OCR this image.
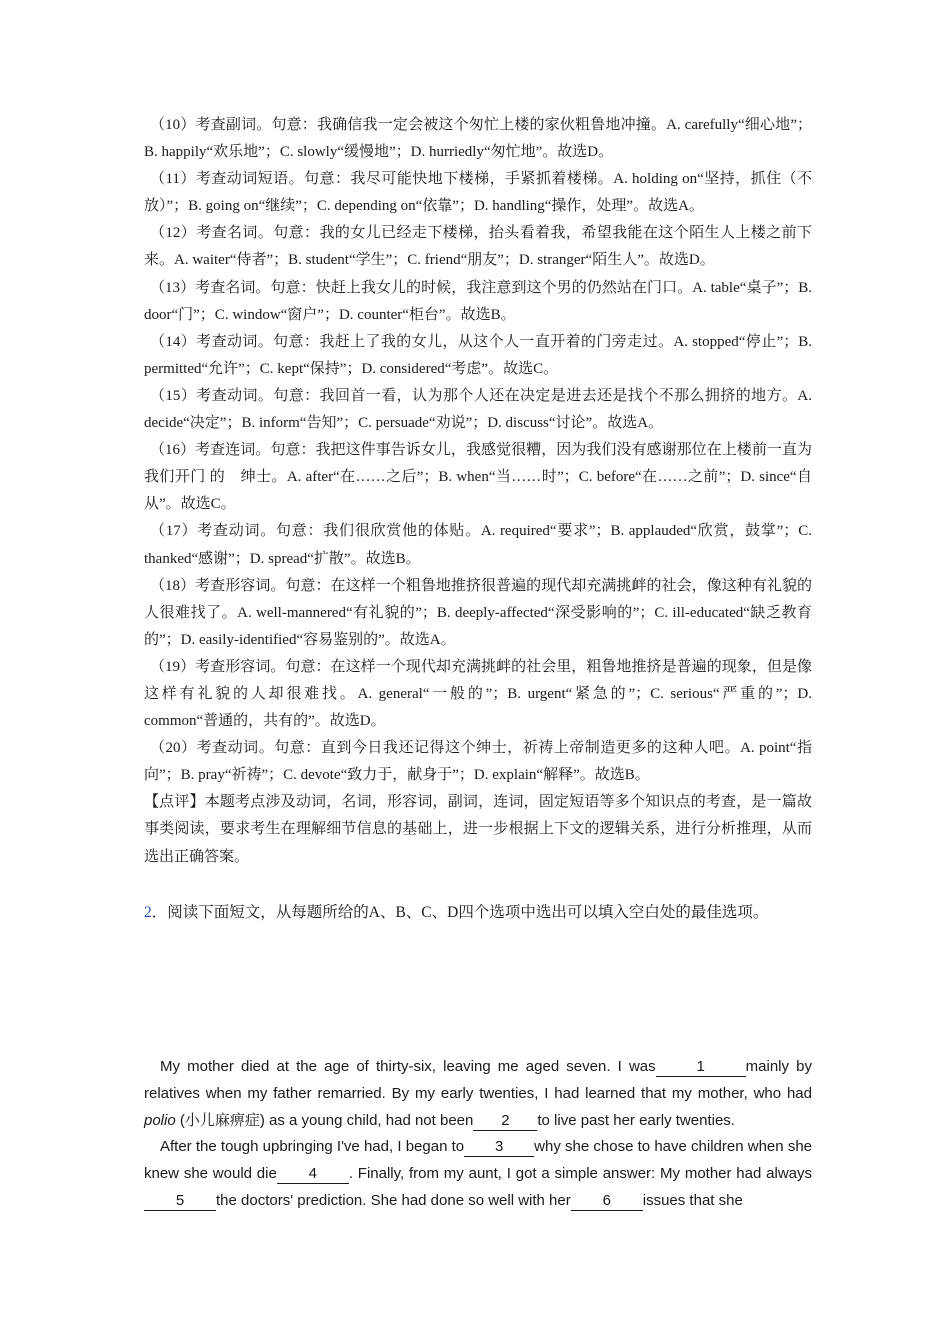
（10）考查副词。句意：我确信我一定会被这个匆忙上楼的家伙粗鲁地冲撞。A. carefully“细心地”；B. happily“欢乐地”；C. slowly“缓慢地”；D. hurriedly“匆忙地”。故选D。

（11）考查动词短语。句意：我尽可能快地下楼梯，手紧抓着楼梯。A. holding on“坚持，抓住（不放）”；B. going on“继续”；C. depending on“依靠”；D. handling“操作，处理”。故选A。

（12）考查名词。句意：我的女儿已经走下楼梯，抬头看着我，希望我能在这个陌生人上楼之前下来。A. waiter“侍者”；B. student“学生”；C. friend“朋友”；D. stranger“陌生人”。故选D。

（13）考查名词。句意：快赶上我女儿的时候，我注意到这个男的仍然站在门口。A. table“桌子”；B. door“门”；C. window“窗户”；D. counter“柜台”。故选B。

（14）考查动词。句意：我赶上了我的女儿，从这个人一直开着的门旁走过。A. stopped“停止”；B. permitted“允许”；C. kept“保持”；D. considered“考虑”。故选C。

（15）考查动词。句意：我回首一看，认为那个人还在决定是进去还是找个不那么拥挤的地方。A. decide“决定”；B. inform“告知”；C. persuade“劝说”；D. discuss“讨论”。故选A。

（16）考查连词。句意：我把这件事告诉女儿，我感觉很糟，因为我们没有感谢那位在上楼前一直为我们开门 的　绅士。A. after“在……之后”；B. when“当……时”；C. before“在……之前”；D. since“自从”。故选C。

（17）考查动词。句意：我们很欣赏他的体贴。A. required“要求”；B. applauded“欣赏，鼓掌”；C. thanked“感谢”；D. spread“扩散”。故选B。

（18）考查形容词。句意：在这样一个粗鲁地推挤很普遍的现代却充满挑衅的社会，像这种有礼貌的人很难找了。A. well-mannered“有礼貌的”；B. deeply-affected“深受影响的”；C. ill-educated“缺乏教育的”；D. easily-identified“容易鉴别的”。故选A。

（19）考查形容词。句意：在这样一个现代却充满挑衅的社会里，粗鲁地推挤是普遍的现象，但是像这样有礼貌的人却很难找。A. general“一般的”；B. urgent“紧急的”；C. serious“严重的”；D. common“普通的，共有的”。故选D。

（20）考查动词。句意：直到今日我还记得这个绅士，祈祷上帝制造更多的这种人吧。A. point“指向”；B. pray“祈祷”；C. devote“致力于，献身于”；D. explain“解释”。故选B。

【点评】本题考点涉及动词，名词，形容词，副词，连词，固定短语等多个知识点的考查，是一篇故事类阅读，要求考生在理解细节信息的基础上，进一步根据上下文的逻辑关系，进行分析推理，从而选出正确答案。

2．阅读下面短文，从每题所给的A、B、C、D四个选项中选出可以填入空白处的最佳选项。

My mother died at the age of thirty-six, leaving me aged seven. I was	1	mainly by relatives when my father remarried. By my early twenties, I had learned that my mother, who had polio (小儿麻痹症) as a young child, had not been 2 to live past her early twenties.

After the tough upbringing I've had, I began to 3 why she chose to have children when she knew she would die 4 . Finally, from my aunt, I got a simple answer: My mother had always5 the doctors' prediction. She had done so well with her 6 issues that she
